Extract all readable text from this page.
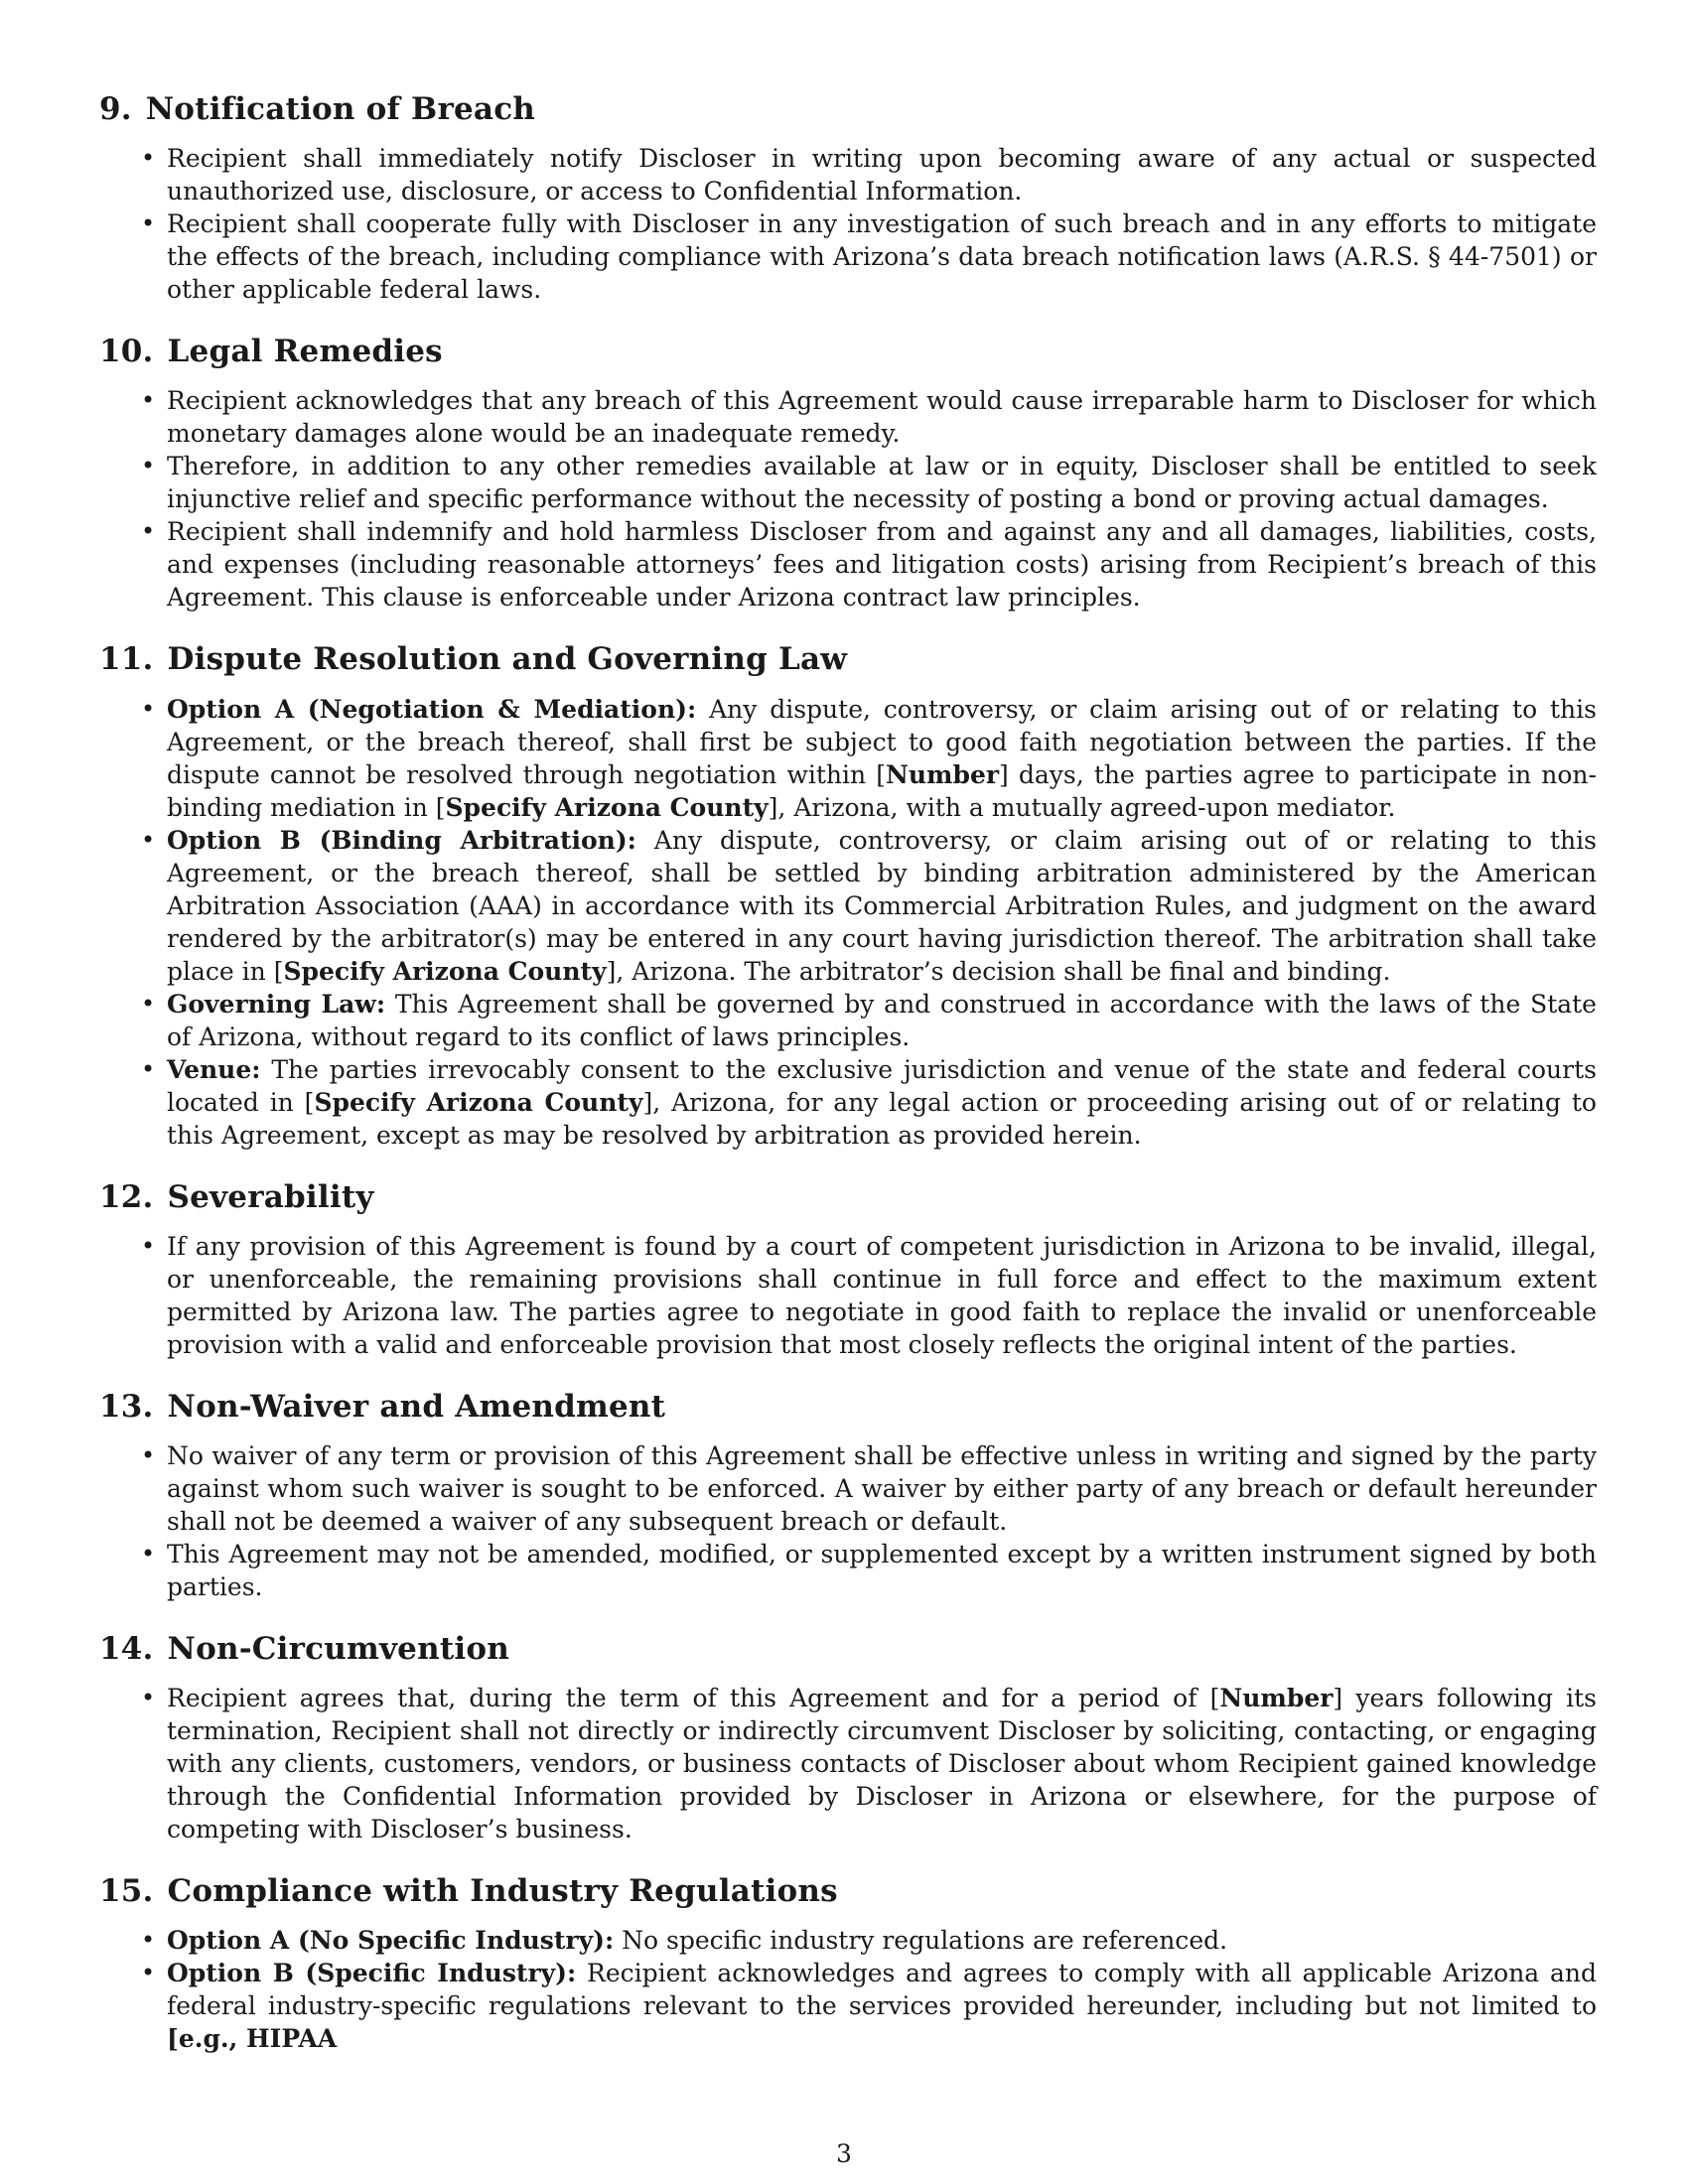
9. Notification of Breach
• Recipient shall immediately notify Discloser in writing upon becoming aware of any actual or suspected unauthorized use, disclosure, or access to Confidential Information.
• Recipient shall cooperate fully with Discloser in any investigation of such breach and in any efforts to mitigate the effects of the breach, including compliance with Arizona’s data breach notification laws (A.R.S. § 44-7501) or other applicable federal laws.
10. Legal Remedies
• Recipient acknowledges that any breach of this Agreement would cause irreparable harm to Discloser for which monetary damages alone would be an inadequate remedy.
• Therefore, in addition to any other remedies available at law or in equity, Discloser shall be entitled to seek injunctive relief and specific performance without the necessity of posting a bond or proving actual damages.
• Recipient shall indemnify and hold harmless Discloser from and against any and all damages, liabilities, costs, and expenses (including reasonable attorneys’ fees and litigation costs) arising from Recipient’s breach of this Agreement. This clause is enforceable under Arizona contract law principles.
11. Dispute Resolution and Governing Law
• Option A (Negotiation & Mediation): Any dispute, controversy, or claim arising out of or relating to this Agreement, or the breach thereof, shall first be subject to good faith negotiation between the parties. If the dispute cannot be resolved through negotiation within [Number] days, the parties agree to participate in non-binding mediation in [Specify Arizona County], Arizona, with a mutually agreed-upon mediator.
• Option B (Binding Arbitration): Any dispute, controversy, or claim arising out of or relating to this Agreement, or the breach thereof, shall be settled by binding arbitration administered by the American Arbitration Association (AAA) in accordance with its Commercial Arbitration Rules, and judgment on the award rendered by the arbitrator(s) may be entered in any court having jurisdiction thereof. The arbitration shall take place in [Specify Arizona County], Arizona. The arbitrator’s decision shall be final and binding.
• Governing Law: This Agreement shall be governed by and construed in accordance with the laws of the State of Arizona, without regard to its conflict of laws principles.
• Venue: The parties irrevocably consent to the exclusive jurisdiction and venue of the state and federal courts located in [Specify Arizona County], Arizona, for any legal action or proceeding arising out of or relating to this Agreement, except as may be resolved by arbitration as provided herein.
12. Severability
• If any provision of this Agreement is found by a court of competent jurisdiction in Arizona to be invalid, illegal, or unenforceable, the remaining provisions shall continue in full force and effect to the maximum extent permitted by Arizona law. The parties agree to negotiate in good faith to replace the invalid or unenforceable provision with a valid and enforceable provision that most closely reflects the original intent of the parties.
13. Non-Waiver and Amendment
• No waiver of any term or provision of this Agreement shall be effective unless in writing and signed by the party against whom such waiver is sought to be enforced. A waiver by either party of any breach or default hereunder shall not be deemed a waiver of any subsequent breach or default.
• This Agreement may not be amended, modified, or supplemented except by a written instrument signed by both parties.
14. Non-Circumvention
• Recipient agrees that, during the term of this Agreement and for a period of [Number] years following its termination, Recipient shall not directly or indirectly circumvent Discloser by soliciting, contacting, or engaging with any clients, customers, vendors, or business contacts of Discloser about whom Recipient gained knowledge through the Confidential Information provided by Discloser in Arizona or elsewhere, for the purpose of competing with Discloser’s business.
15. Compliance with Industry Regulations
• Option A (No Specific Industry): No specific industry regulations are referenced.
• Option B (Specific Industry): Recipient acknowledges and agrees to comply with all applicable Arizona and federal industry-specific regulations relevant to the services provided hereunder, including but not limited to [e.g., HIPAA
3
